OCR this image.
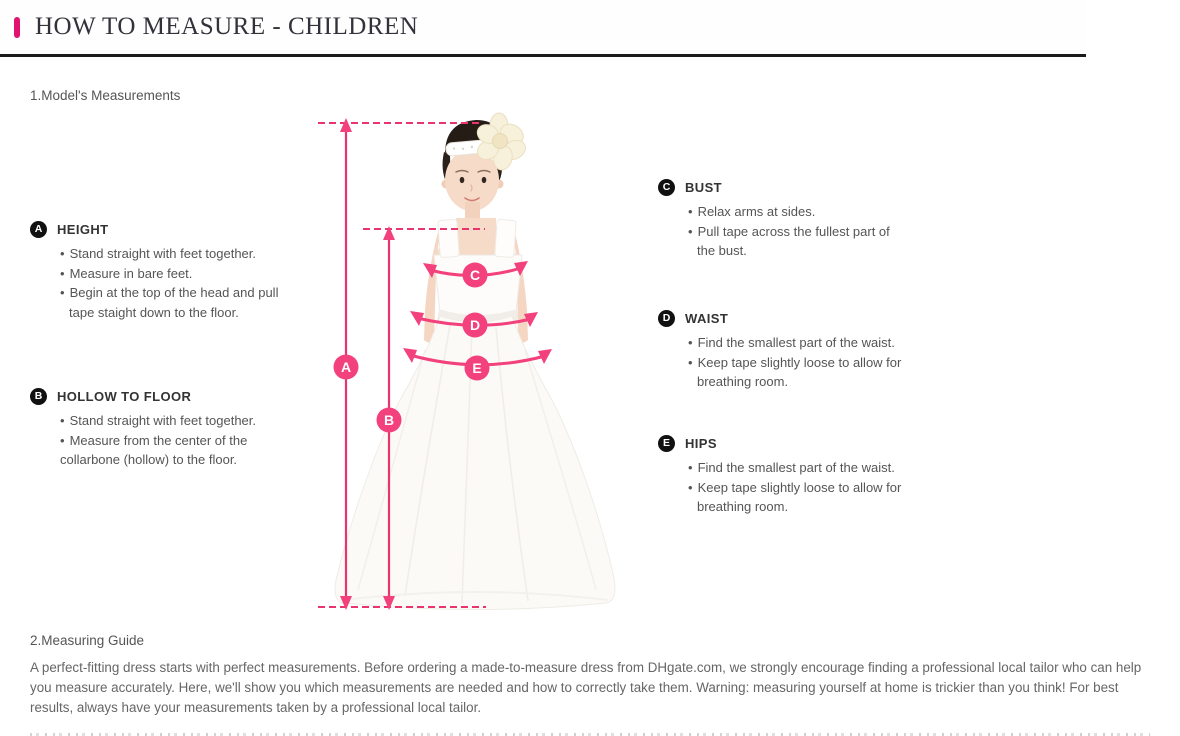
HOW TO MEASURE - CHILDREN
1.Model's Measurements
A
B
C
D
E
A	HEIGHT
• Stand straight with feet together.
• Measure in bare feet.
• Begin at the top of the head and pull
tape staight down to the floor.
B	HOLLOW TO FLOOR
• Stand straight with feet together.
• Measure from the center of the
collarbone (hollow) to the floor.
C	BUST
• Relax arms at sides.
• Pull tape across the fullest part of
the bust.
D	WAIST
• Find the smallest part of the waist.
• Keep tape slightly loose to allow for
breathing room.
E	HIPS
• Find the smallest part of the waist.
• Keep tape slightly loose to allow for
breathing room.
2.Measuring Guide

A perfect-fitting dress starts with perfect measurements. Before ordering a made-to-measure dress from DHgate.com, we strongly encourage finding a professional local tailor who can help you measure accurately. Here, we'll show you which measurements are needed and how to correctly take them. Warning: measuring yourself at home is trickier than you think! For best results, always have your measurements taken by a professional local tailor.
